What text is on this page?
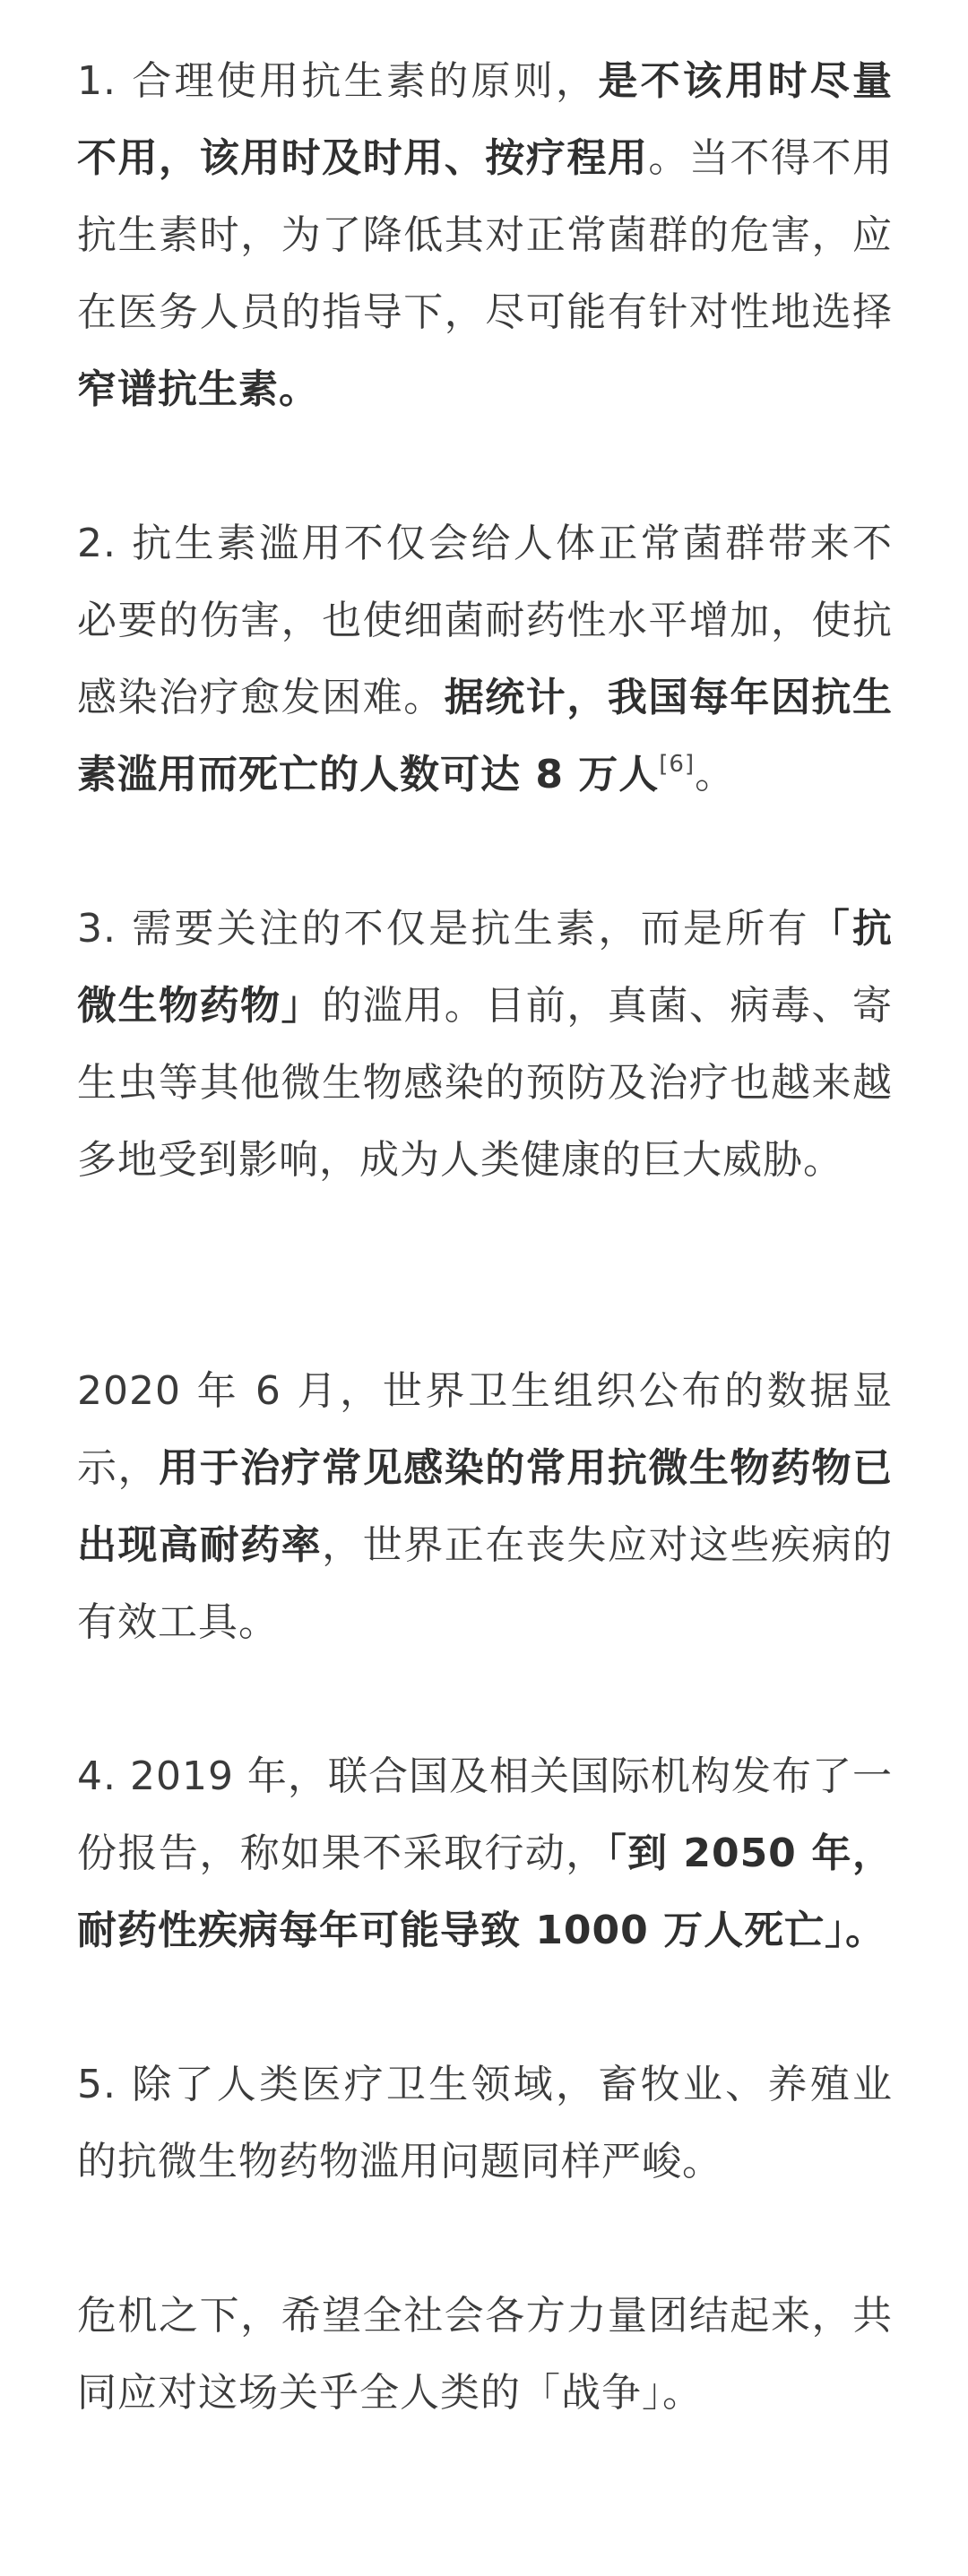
1. 合理使用抗生素的原则，是不该用时尽量不用，该用时及时用、按疗程用。当不得不用抗生素时，为了降低其对正常菌群的危害，应在医务人员的指导下，尽可能有针对性地选择窄谱抗生素。

2. 抗生素滥用不仅会给人体正常菌群带来不必要的伤害，也使细菌耐药性水平增加，使抗感染治疗愈发困难。据统计，我国每年因抗生素滥用而死亡的人数可达 8 万人[6]。

3. 需要关注的不仅是抗生素，而是所有「抗微生物药物」的滥用。目前，真菌、病毒、寄生虫等其他微生物感染的预防及治疗也越来越多地受到影响，成为人类健康的巨大威胁。

2020 年 6 月，世界卫生组织公布的数据显示，用于治疗常见感染的常用抗微生物药物已出现高耐药率，世界正在丧失应对这些疾病的有效工具。

4. 2019 年，联合国及相关国际机构发布了一份报告，称如果不采取行动，「到 2050 年，耐药性疾病每年可能导致 1000 万人死亡」。

5. 除了人类医疗卫生领域，畜牧业、养殖业的抗微生物药物滥用问题同样严峻。

危机之下，希望全社会各方力量团结起来，共同应对这场关乎全人类的「战争」。
